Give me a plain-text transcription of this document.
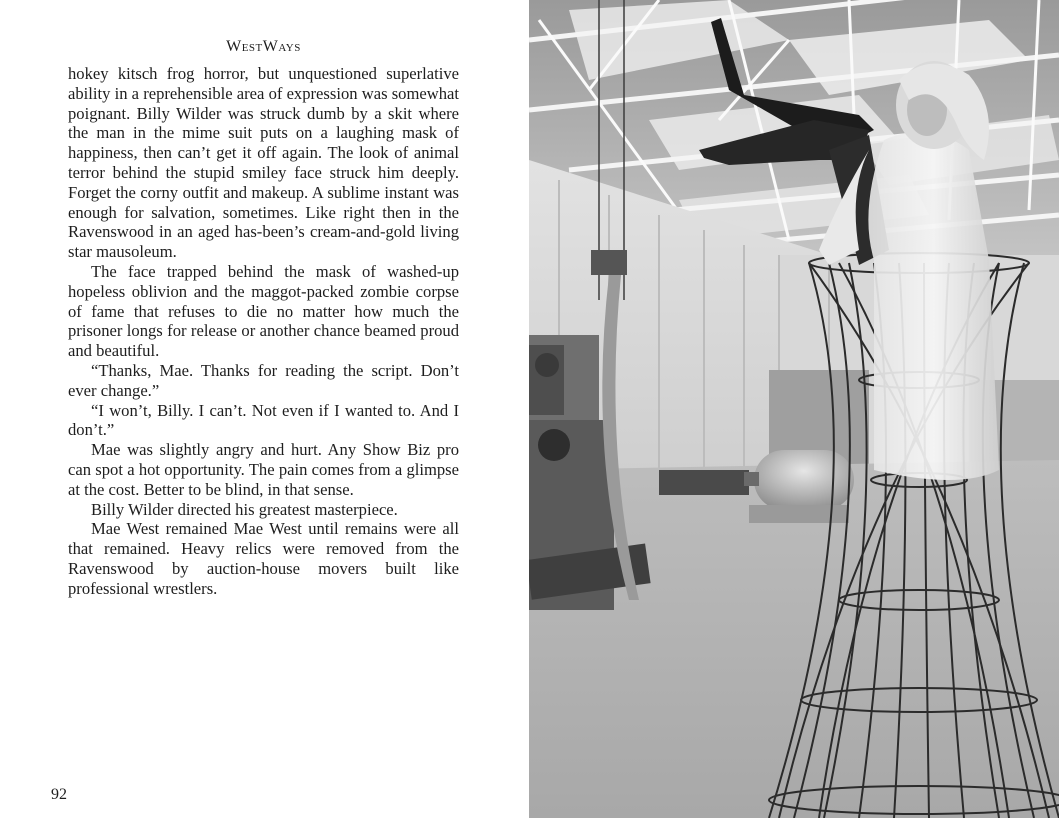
WestWays

hokey kitsch frog horror, but unquestioned superlative ability in a reprehensible area of expression was somewhat poignant. Billy Wilder was struck dumb by a skit where the man in the mime suit puts on a laughing mask of happiness, then can’t get it off again. The look of animal terror behind the stupid smiley face struck him deeply. Forget the corny outfit and makeup. A sublime instant was enough for salvation, sometimes. Like right then in the Ravenswood in an aged has-been’s cream-and-gold living star mausoleum.

The face trapped behind the mask of washed-up hopeless oblivion and the maggot-packed zombie corpse of fame that refuses to die no matter how much the prisoner longs for release or another chance beamed proud and beautiful.

“Thanks, Mae. Thanks for reading the script. Don’t ever change.”

“I won’t, Billy. I can’t. Not even if I wanted to. And I don’t.”

Mae was slightly angry and hurt. Any Show Biz pro can spot a hot opportunity. The pain comes from a glimpse at the cost. Better to be blind, in that sense.

Billy Wilder directed his greatest masterpiece.

Mae West remained Mae West until remains were all that remained. Heavy relics were removed from the Ravenswood by auction-house movers built like professional wrestlers.

92
